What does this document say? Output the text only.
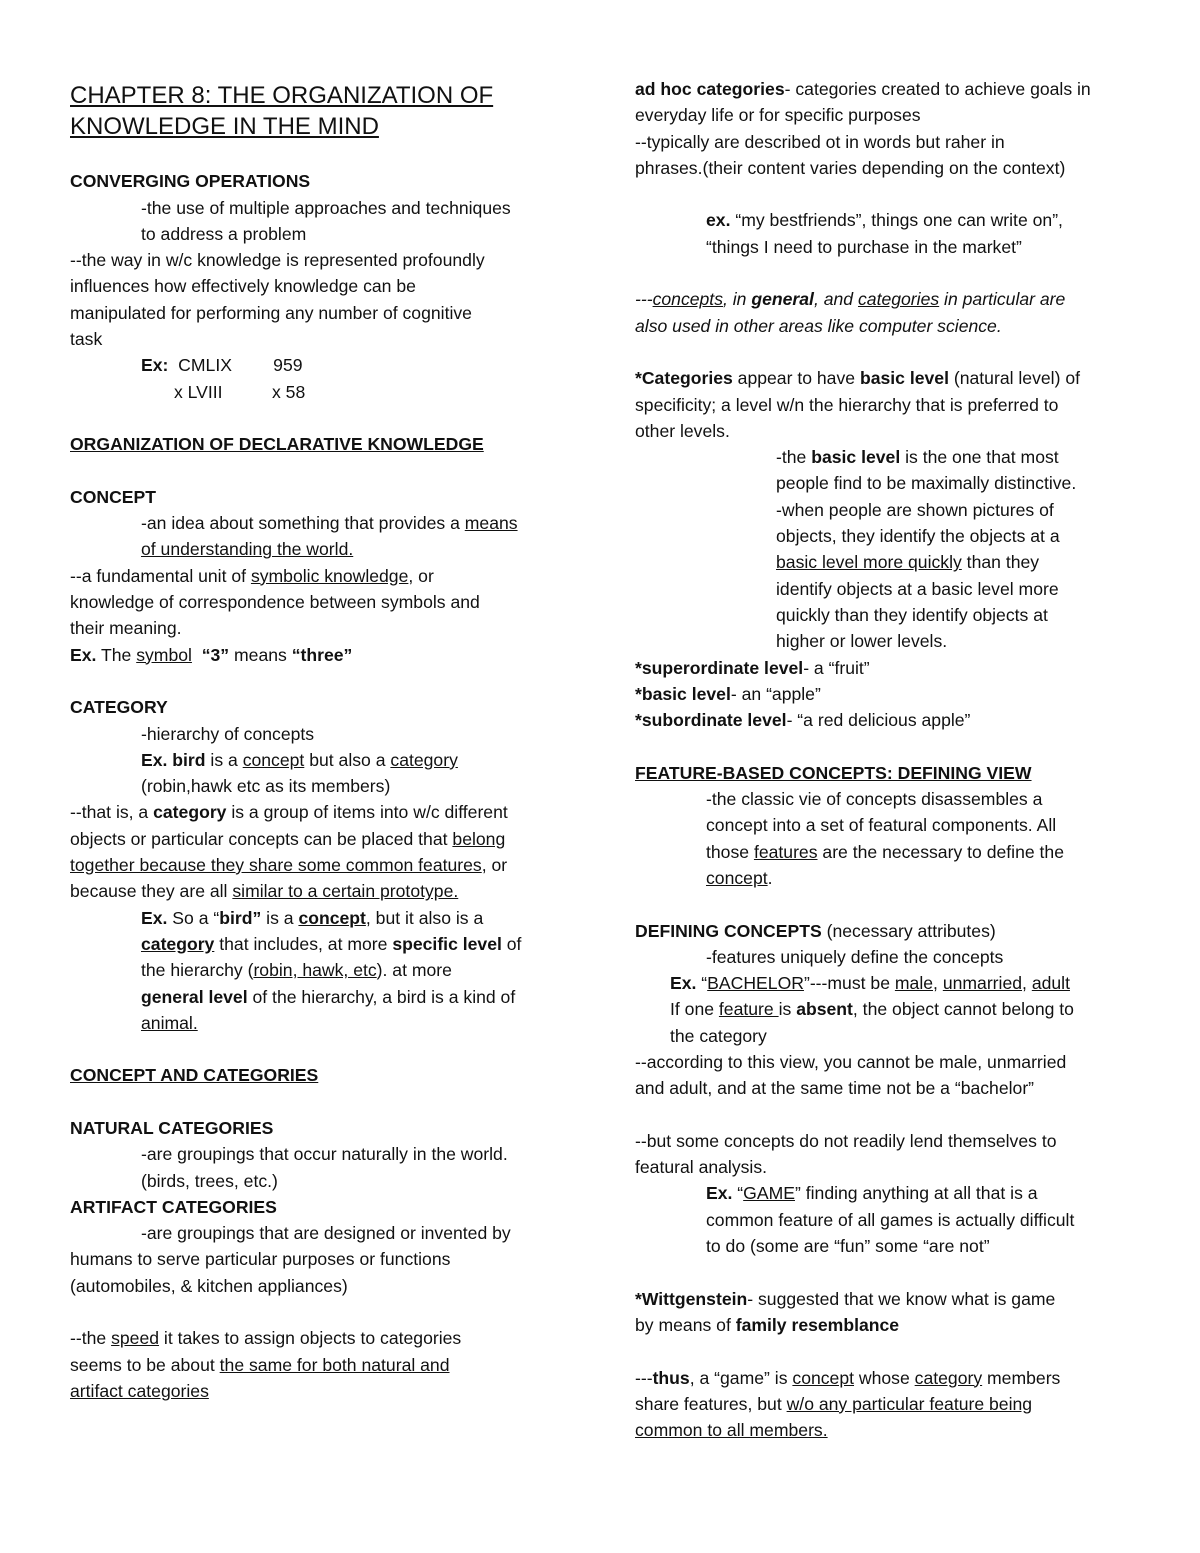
CHAPTER 8: THE ORGANIZATION OF
KNOWLEDGE IN THE MIND
CONVERGING OPERATIONS
-the use of multiple approaches and techniques
to address a problem
--the way in w/c knowledge is represented profoundly
influences how effectively knowledge can be
manipulated for performing any number of cognitive
task
Ex: CMLIX 959
x LVIII	x 58
ORGANIZATION OF DECLARATIVE KNOWLEDGE
CONCEPT
-an idea about something that provides a means
of understanding the world.
--a fundamental unit of symbolic knowledge, or
knowledge of correspondence between symbols and
their meaning.
Ex. The symbol “3” means “three”
CATEGORY
-hierarchy of concepts
Ex. bird is a concept but also a category
(robin,hawk etc as its members)
--that is, a category is a group of items into w/c different
objects or particular concepts can be placed that belong
together because they share some common features, or
because they are all similar to a certain prototype.
Ex. So a “bird” is a concept, but it also is a
category that includes, at more specific level of
the hierarchy (robin, hawk, etc). at more
general level of the hierarchy, a bird is a kind of
animal.
CONCEPT AND CATEGORIES
NATURAL CATEGORIES
-are groupings that occur naturally in the world.
(birds, trees, etc.)
ARTIFACT CATEGORIES
-are groupings that are designed or invented by
humans to serve particular purposes or functions
(automobiles, & kitchen appliances)
--the speed it takes to assign objects to categories
seems to be about the same for both natural and
artifact categories
ad hoc categories- categories created to achieve goals in
everyday life or for specific purposes
--typically are described ot in words but raher in
phrases.(their content varies depending on the context)
ex. “my bestfriends”, things one can write on”,
“things I need to purchase in the market”
---concepts, in general, and categories in particular are
also used in other areas like computer science.
*Categories appear to have basic level (natural level) of
specificity; a level w/n the hierarchy that is preferred to
other levels.
-the basic level is the one that most
people find to be maximally distinctive.
-when people are shown pictures of
objects, they identify the objects at a
basic level more quickly than they
identify objects at a basic level more
quickly than they identify objects at
higher or lower levels.
*superordinate level- a “fruit”
*basic level- an “apple”
*subordinate level- “a red delicious apple”
FEATURE-BASED CONCEPTS: DEFINING VIEW
-the classic vie of concepts disassembles a
concept into a set of featural components. All
those features are the necessary to define the
concept.
DEFINING CONCEPTS (necessary attributes)
-features uniquely define the concepts
Ex. “BACHELOR”---must be male, unmarried, adult
If one feature is absent, the object cannot belong to
the category
--according to this view, you cannot be male, unmarried
and adult, and at the same time not be a “bachelor”
--but some concepts do not readily lend themselves to
featural analysis.
Ex. “GAME” finding anything at all that is a
common feature of all games is actually difficult
to do (some are “fun” some “are not”
*Wittgenstein- suggested that we know what is game
by means of family resemblance
---thus, a “game” is concept whose category members
share features, but w/o any particular feature being
common to all members.
